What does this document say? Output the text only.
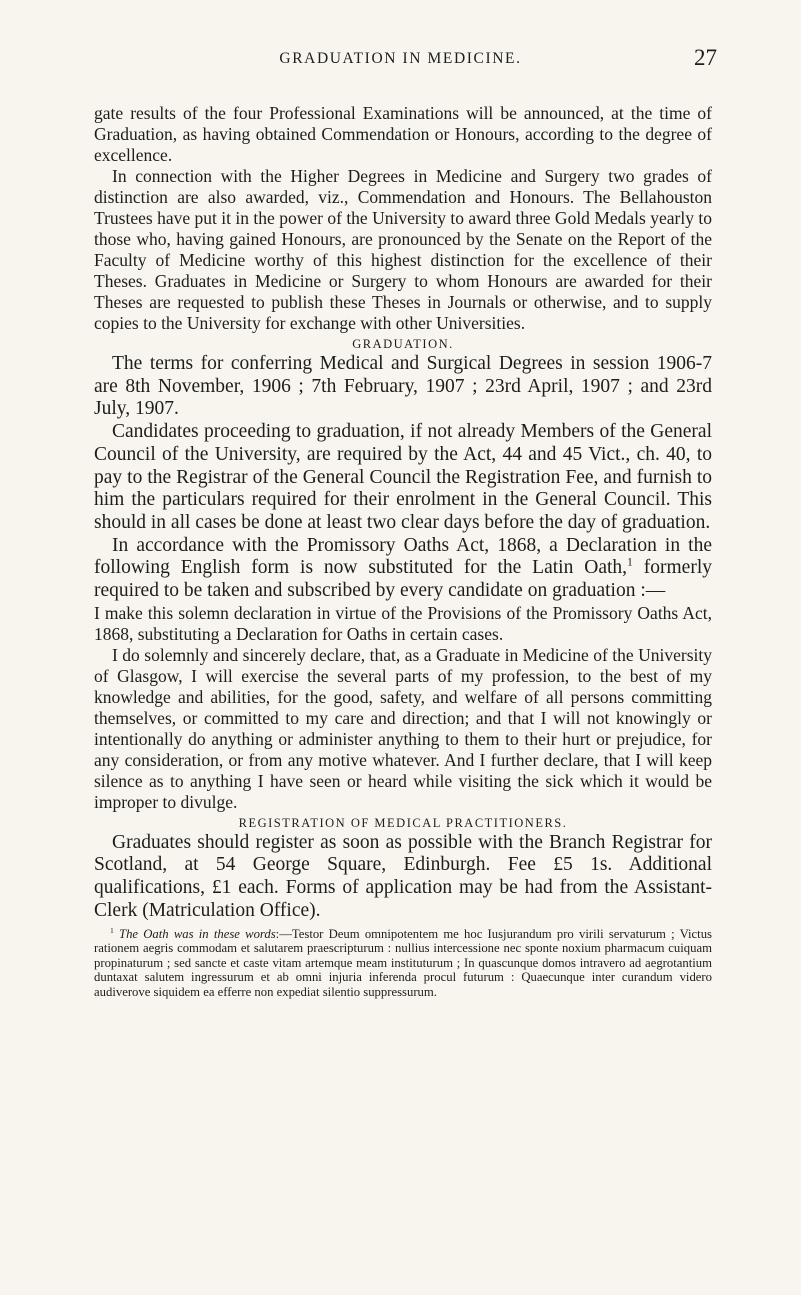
GRADUATION IN MEDICINE.	27

gate results of the four Professional Examinations will be announced, at the time of Graduation, as having obtained Commendation or Honours, according to the degree of excellence.

In connection with the Higher Degrees in Medicine and Surgery two grades of distinction are also awarded, viz., Commendation and Honours. The Bellahouston Trustees have put it in the power of the University to award three Gold Medals yearly to those who, having gained Honours, are pronounced by the Senate on the Report of the Faculty of Medicine worthy of this highest distinction for the excellence of their Theses. Graduates in Medicine or Surgery to whom Honours are awarded for their Theses are requested to publish these Theses in Journals or otherwise, and to supply copies to the University for exchange with other Universities.

GRADUATION.

The terms for conferring Medical and Surgical Degrees in session 1906-7 are 8th November, 1906 ; 7th February, 1907 ; 23rd April, 1907 ; and 23rd July, 1907.

Candidates proceeding to graduation, if not already Members of the General Council of the University, are required by the Act, 44 and 45 Vict., ch. 40, to pay to the Registrar of the General Council the Registration Fee, and furnish to him the particulars required for their enrolment in the General Council. This should in all cases be done at least two clear days before the day of graduation.

In accordance with the Promissory Oaths Act, 1868, a Declaration in the following English form is now substituted for the Latin Oath,$^1$ formerly required to be taken and subscribed by every candidate on graduation :—

I make this solemn declaration in virtue of the Provisions of the Promissory Oaths Act, 1868, substituting a Declaration for Oaths in certain cases.

I do solemnly and sincerely declare, that, as a Graduate in Medicine of the University of Glasgow, I will exercise the several parts of my profession, to the best of my knowledge and abilities, for the good, safety, and welfare of all persons committing themselves, or committed to my care and direction; and that I will not knowingly or intentionally do anything or administer anything to them to their hurt or prejudice, for any consideration, or from any motive whatever. And I further declare, that I will keep silence as to anything I have seen or heard while visiting the sick which it would be improper to divulge.

REGISTRATION OF MEDICAL PRACTITIONERS.

Graduates should register as soon as possible with the Branch Registrar for Scotland, at 54 George Square, Edinburgh. Fee £5 1s. Additional qualifications, £1 each. Forms of application may be had from the Assistant-Clerk (Matriculation Office).

$^1$ The Oath was in these words:—Testor Deum omnipotentem me hoc Iusjurandum pro virili servaturum ; Victus rationem aegris commodam et salutarem praescripturum : nullius intercessione nec sponte noxium pharmacum cuiquam propinaturum ; sed sancte et caste vitam artemque meam instituturum ; In quascunque domos intravero ad aegrotantium duntaxat salutem ingressurum et ab omni injuria inferenda procul futurum : Quaecunque inter curandum videro audiverove siquidem ea efferre non expediat silentio suppressurum.
